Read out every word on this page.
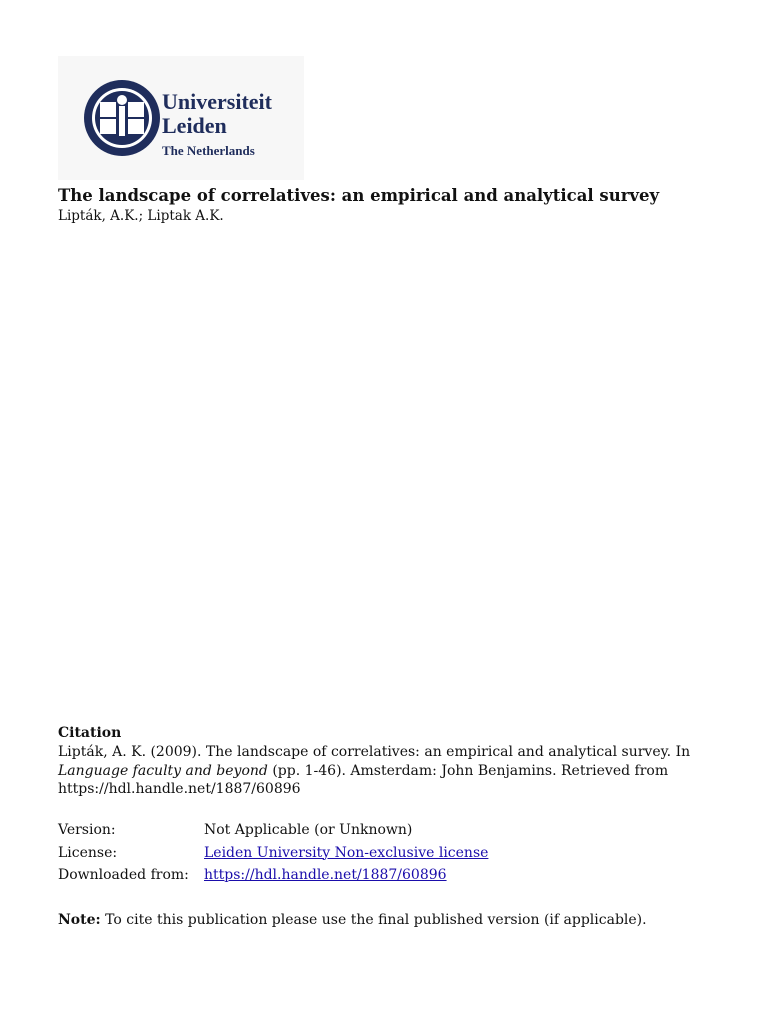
Universiteit
Leiden
The Netherlands
The landscape of correlatives: an empirical and analytical survey
Lipták, A.K.; Liptak A.K.
Citation
Lipták, A. K. (2009). The landscape of correlatives: an empirical and analytical survey. In Language faculty and beyond (pp. 1-46). Amsterdam: John Benjamins. Retrieved from https://hdl.handle.net/1887/60896
Version:	Not Applicable (or Unknown)
License:	Leiden University Non-exclusive license
Downloaded from:	https://hdl.handle.net/1887/60896
Note: To cite this publication please use the final published version (if applicable).
